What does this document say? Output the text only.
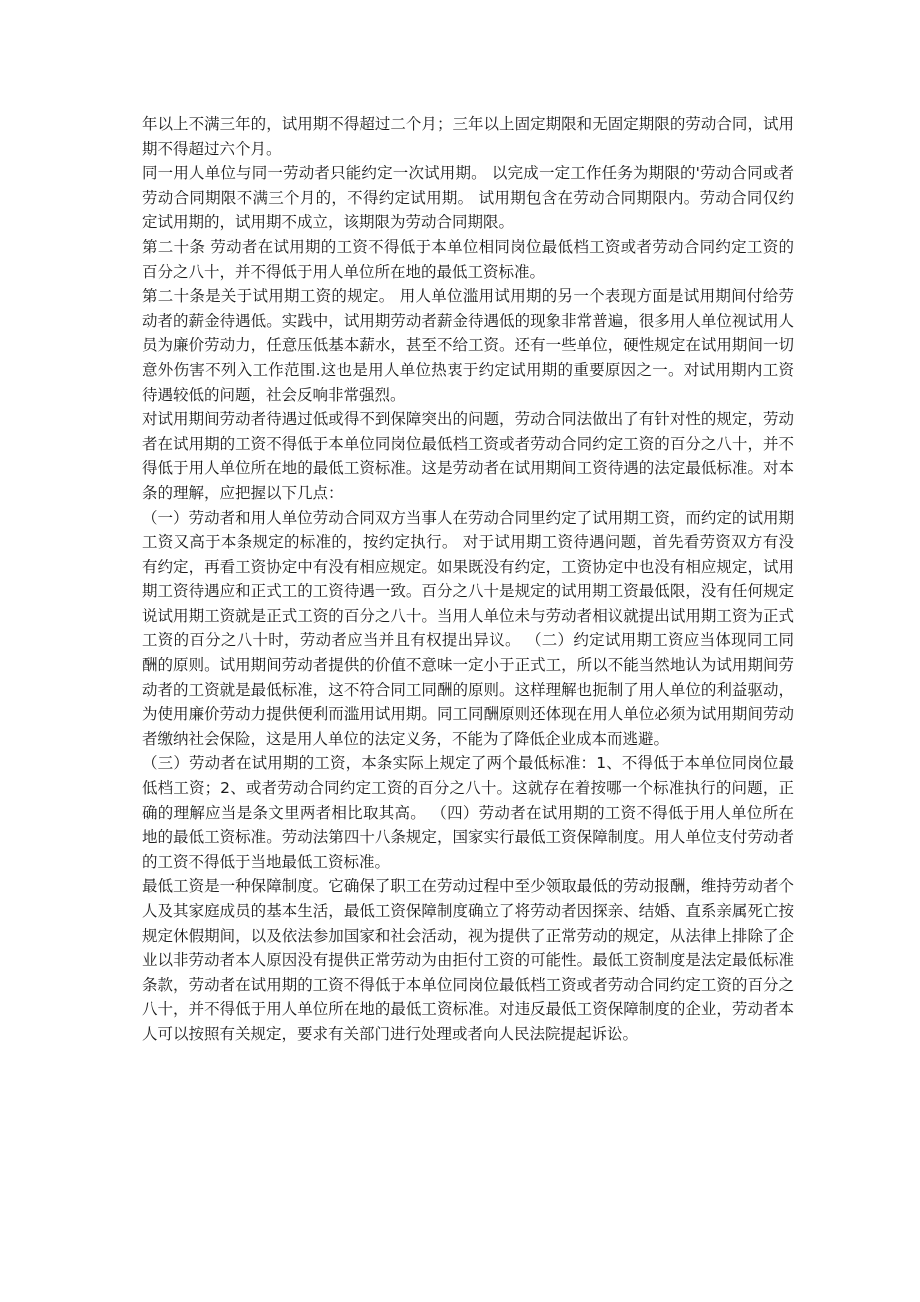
年以上不满三年的，试用期不得超过二个月；三年以上固定期限和无固定期限的劳动合同，试用期不得超过六个月。

同一用人单位与同一劳动者只能约定一次试用期。 以完成一定工作任务为期限的'劳动合同或者劳动合同期限不满三个月的，不得约定试用期。 试用期包含在劳动合同期限内。劳动合同仅约定试用期的，试用期不成立，该期限为劳动合同期限。

第二十条 劳动者在试用期的工资不得低于本单位相同岗位最低档工资或者劳动合同约定工资的百分之八十，并不得低于用人单位所在地的最低工资标准。

第二十条是关于试用期工资的规定。 用人单位滥用试用期的另一个表现方面是试用期间付给劳动者的薪金待遇低。实践中，试用期劳动者薪金待遇低的现象非常普遍，很多用人单位视试用人员为廉价劳动力，任意压低基本薪水，甚至不给工资。还有一些单位，硬性规定在试用期间一切意外伤害不列入工作范围.这也是用人单位热衷于约定试用期的重要原因之一。对试用期内工资待遇较低的问题，社会反响非常强烈。

对试用期间劳动者待遇过低或得不到保障突出的问题，劳动合同法做出了有针对性的规定，劳动者在试用期的工资不得低于本单位同岗位最低档工资或者劳动合同约定工资的百分之八十，并不得低于用人单位所在地的最低工资标准。这是劳动者在试用期间工资待遇的法定最低标准。对本条的理解，应把握以下几点：

（一）劳动者和用人单位劳动合同双方当事人在劳动合同里约定了试用期工资，而约定的试用期工资又高于本条规定的标准的，按约定执行。 对于试用期工资待遇问题，首先看劳资双方有没有约定，再看工资协定中有没有相应规定。如果既没有约定，工资协定中也没有相应规定，试用期工资待遇应和正式工的工资待遇一致。百分之八十是规定的试用期工资最低限，没有任何规定说试用期工资就是正式工资的百分之八十。当用人单位未与劳动者相议就提出试用期工资为正式工资的百分之八十时，劳动者应当并且有权提出异议。 （二）约定试用期工资应当体现同工同酬的原则。试用期间劳动者提供的价值不意味一定小于正式工，所以不能当然地认为试用期间劳动者的工资就是最低标准，这不符合同工同酬的原则。这样理解也扼制了用人单位的利益驱动，为使用廉价劳动力提供便利而滥用试用期。同工同酬原则还体现在用人单位必须为试用期间劳动者缴纳社会保险，这是用人单位的法定义务，不能为了降低企业成本而逃避。

（三）劳动者在试用期的工资，本条实际上规定了两个最低标准：1、不得低于本单位同岗位最低档工资；2、或者劳动合同约定工资的百分之八十。这就存在着按哪一个标准执行的问题，正确的理解应当是条文里两者相比取其高。 （四）劳动者在试用期的工资不得低于用人单位所在地的最低工资标准。劳动法第四十八条规定，国家实行最低工资保障制度。用人单位支付劳动者的工资不得低于当地最低工资标准。

最低工资是一种保障制度。它确保了职工在劳动过程中至少领取最低的劳动报酬，维持劳动者个人及其家庭成员的基本生活，最低工资保障制度确立了将劳动者因探亲、结婚、直系亲属死亡按规定休假期间，以及依法参加国家和社会活动，视为提供了正常劳动的规定，从法律上排除了企业以非劳动者本人原因没有提供正常劳动为由拒付工资的可能性。最低工资制度是法定最低标准条款，劳动者在试用期的工资不得低于本单位同岗位最低档工资或者劳动合同约定工资的百分之八十，并不得低于用人单位所在地的最低工资标准。对违反最低工资保障制度的企业，劳动者本人可以按照有关规定，要求有关部门进行处理或者向人民法院提起诉讼。
